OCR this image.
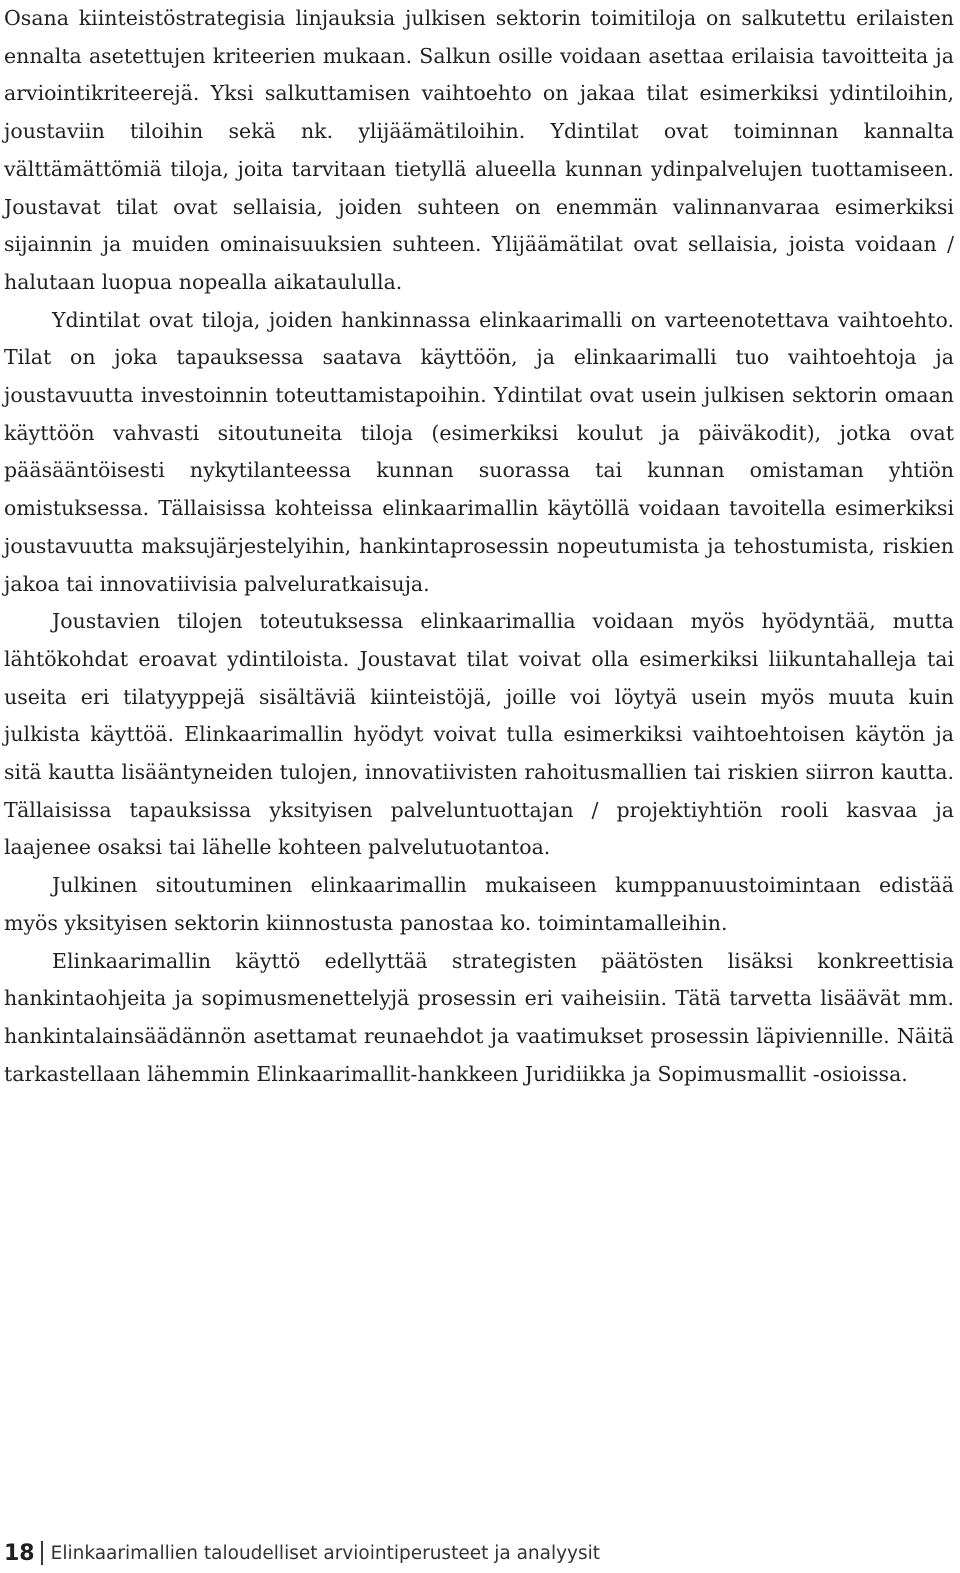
Osana kiinteistöstrategisia linjauksia julkisen sektorin toimitiloja on salkutettu erilaisten ennalta asetettujen kriteerien mukaan. Salkun osille voidaan asettaa erilaisia tavoitteita ja arviointikriteerejä. Yksi salkuttamisen vaihtoehto on jakaa tilat esimerkiksi ydintiloihin, joustaviin tiloihin sekä nk. ylijäämätiloihin. Ydintilat ovat toiminnan kannalta välttämättömiä tiloja, joita tarvitaan tietyllä alueella kunnan ydinpalvelujen tuottamiseen. Joustavat tilat ovat sellaisia, joiden suhteen on enemmän valinnanvaraa esimerkiksi sijainnin ja muiden ominaisuuksien suhteen. Ylijäämätilat ovat sellaisia, joista voidaan / halutaan luopua nopealla aikataululla.

Ydintilat ovat tiloja, joiden hankinnassa elinkaarimalli on varteenotettava vaihtoehto. Tilat on joka tapauksessa saatava käyttöön, ja elinkaarimalli tuo vaihtoehtoja ja joustavuutta investoinnin toteuttamistapoihin. Ydintilat ovat usein julkisen sektorin omaan käyttöön vahvasti sitoutuneita tiloja (esimerkiksi koulut ja päiväkodit), jotka ovat pääsääntöisesti nykytilanteessa kunnan suorassa tai kunnan omistaman yhtiön omistuksessa. Tällaisissa kohteissa elinkaarimallin käytöllä voidaan tavoitella esimerkiksi joustavuutta maksujärjestelyihin, hankintaprosessin nopeutumista ja tehostumista, riskien jakoa tai innovatiivisia palveluratkaisuja.

Joustavien tilojen toteutuksessa elinkaarimallia voidaan myös hyödyntää, mutta lähtökohdat eroavat ydintiloista. Joustavat tilat voivat olla esimerkiksi liikuntahalleja tai useita eri tilatyyppejä sisältäviä kiinteistöjä, joille voi löytyä usein myös muuta kuin julkista käyttöä. Elinkaarimallin hyödyt voivat tulla esimerkiksi vaihtoehtoisen käytön ja sitä kautta lisääntyneiden tulojen, innovatiivisten rahoitusmallien tai riskien siirron kautta. Tällaisissa tapauksissa yksityisen palveluntuottajan / projektiyhtiön rooli kasvaa ja laajenee osaksi tai lähelle kohteen palvelutuotantoa.

Julkinen sitoutuminen elinkaarimallin mukaiseen kumppanuustoimintaan edistää myös yksityisen sektorin kiinnostusta panostaa ko. toimintamalleihin.

Elinkaarimallin käyttö edellyttää strategisten päätösten lisäksi konkreettisia hankintaohjeita ja sopimusmenettelyjä prosessin eri vaiheisiin. Tätä tarvetta lisäävät mm. hankintalainsäädännön asettamat reunaehdot ja vaatimukset prosessin läpiviennille. Näitä tarkastellaan lähemmin Elinkaarimallit-hankkeen Juridiikka ja Sopimusmallit -osioissa.

18 Elinkaarimallien taloudelliset arviointiperusteet ja analyysit
